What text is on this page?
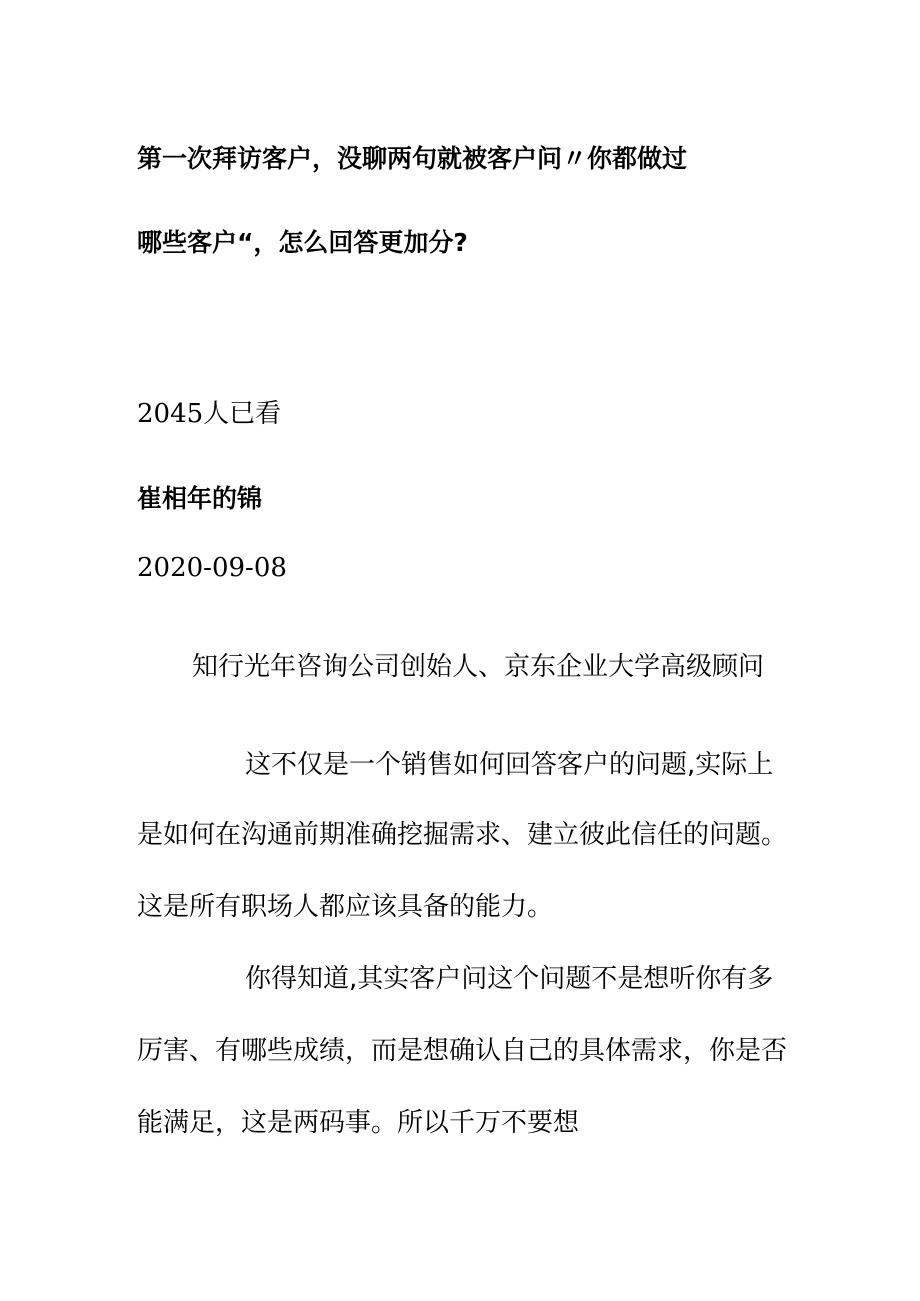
第一次拜访客户，没聊两句就被客户问〃你都做过
哪些客户“，怎么回答更加分?
2045人已看
崔相年的锦
2020-09-08
知行光年咨询公司创始人、京东企业大学高级顾问
这不仅是一个销售如何回答客户的问题,实际上
是如何在沟通前期准确挖掘需求、建立彼此信任的问题。
这是所有职场人都应该具备的能力。
你得知道,其实客户问这个问题不是想听你有多
厉害、有哪些成绩，而是想确认自己的具体需求，你是否
能满足，这是两码事。所以千万不要想
